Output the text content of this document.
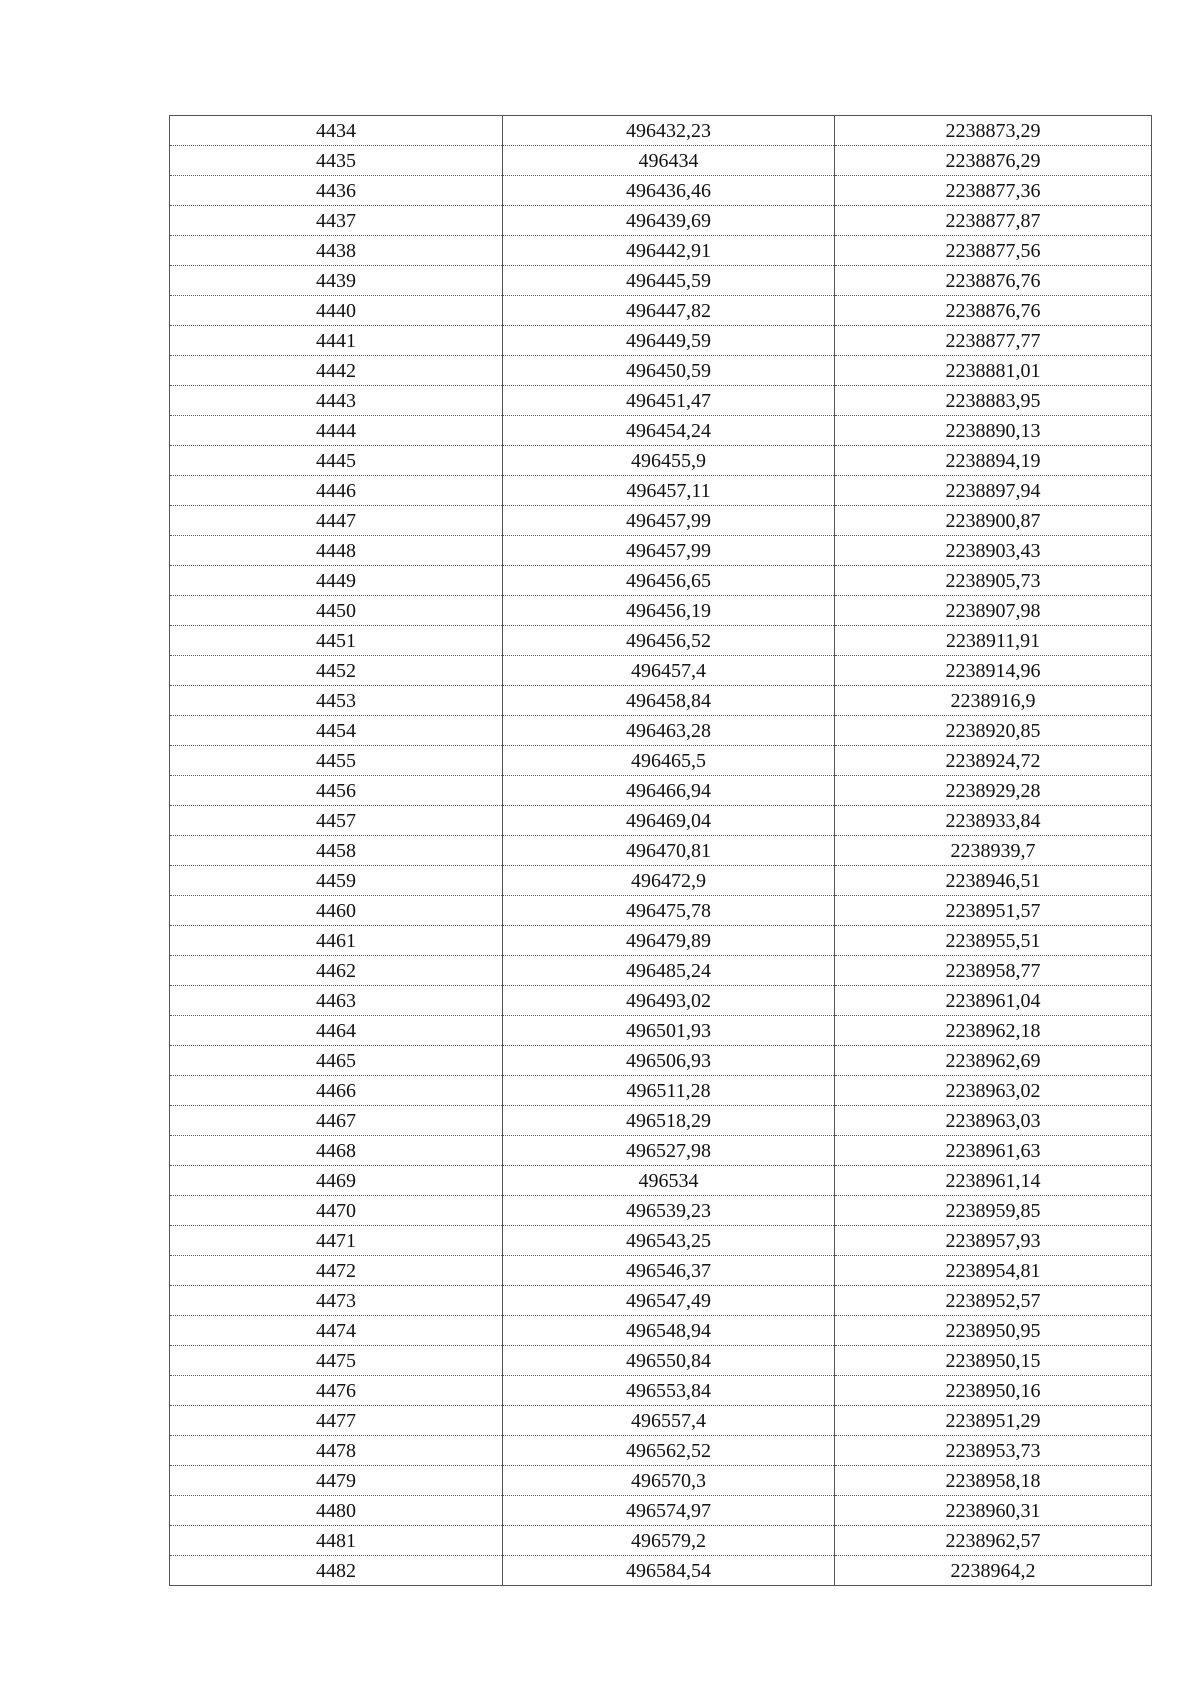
4434	496432,23	2238873,29
4435	496434	2238876,29
4436	496436,46	2238877,36
4437	496439,69	2238877,87
4438	496442,91	2238877,56
4439	496445,59	2238876,76
4440	496447,82	2238876,76
4441	496449,59	2238877,77
4442	496450,59	2238881,01
4443	496451,47	2238883,95
4444	496454,24	2238890,13
4445	496455,9	2238894,19
4446	496457,11	2238897,94
4447	496457,99	2238900,87
4448	496457,99	2238903,43
4449	496456,65	2238905,73
4450	496456,19	2238907,98
4451	496456,52	2238911,91
4452	496457,4	2238914,96
4453	496458,84	2238916,9
4454	496463,28	2238920,85
4455	496465,5	2238924,72
4456	496466,94	2238929,28
4457	496469,04	2238933,84
4458	496470,81	2238939,7
4459	496472,9	2238946,51
4460	496475,78	2238951,57
4461	496479,89	2238955,51
4462	496485,24	2238958,77
4463	496493,02	2238961,04
4464	496501,93	2238962,18
4465	496506,93	2238962,69
4466	496511,28	2238963,02
4467	496518,29	2238963,03
4468	496527,98	2238961,63
4469	496534	2238961,14
4470	496539,23	2238959,85
4471	496543,25	2238957,93
4472	496546,37	2238954,81
4473	496547,49	2238952,57
4474	496548,94	2238950,95
4475	496550,84	2238950,15
4476	496553,84	2238950,16
4477	496557,4	2238951,29
4478	496562,52	2238953,73
4479	496570,3	2238958,18
4480	496574,97	2238960,31
4481	496579,2	2238962,57
4482	496584,54	2238964,2
